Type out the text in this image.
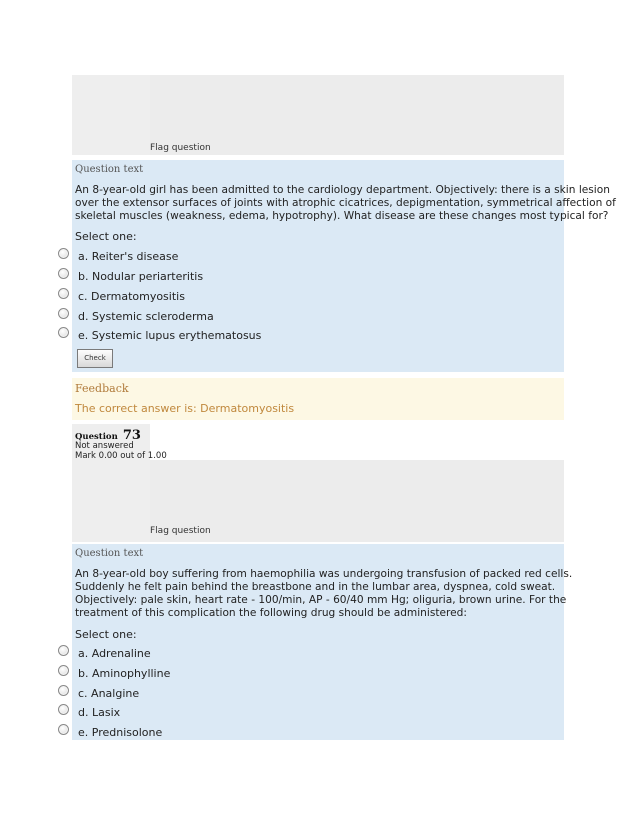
Flag question
Question text
An 8-year-old girl has been admitted to the cardiology department. Objectively: there is a skin lesion
over the extensor surfaces of joints with atrophic cicatrices, depigmentation, symmetrical affection of
skeletal muscles (weakness, edema, hypotrophy). What disease are these changes most typical for?
Select one:
a. Reiter's disease
b. Nodular periarteritis
c. Dermatomyositis
d. Systemic scleroderma
e. Systemic lupus erythematosus
Check
Feedback
The correct answer is: Dermatomyositis
Question 73
Not answered
Mark 0.00 out of 1.00
Flag question
Question text
An 8-year-old boy suffering from haemophilia was undergoing transfusion of packed red cells.
Suddenly he felt pain behind the breastbone and in the lumbar area, dyspnea, cold sweat.
Objectively: pale skin, heart rate - 100/min, AP - 60/40 mm Hg; oliguria, brown urine. For the
treatment of this complication the following drug should be administered:
Select one:
a. Adrenaline
b. Aminophylline
c. Analgine
d. Lasix
e. Prednisolone
